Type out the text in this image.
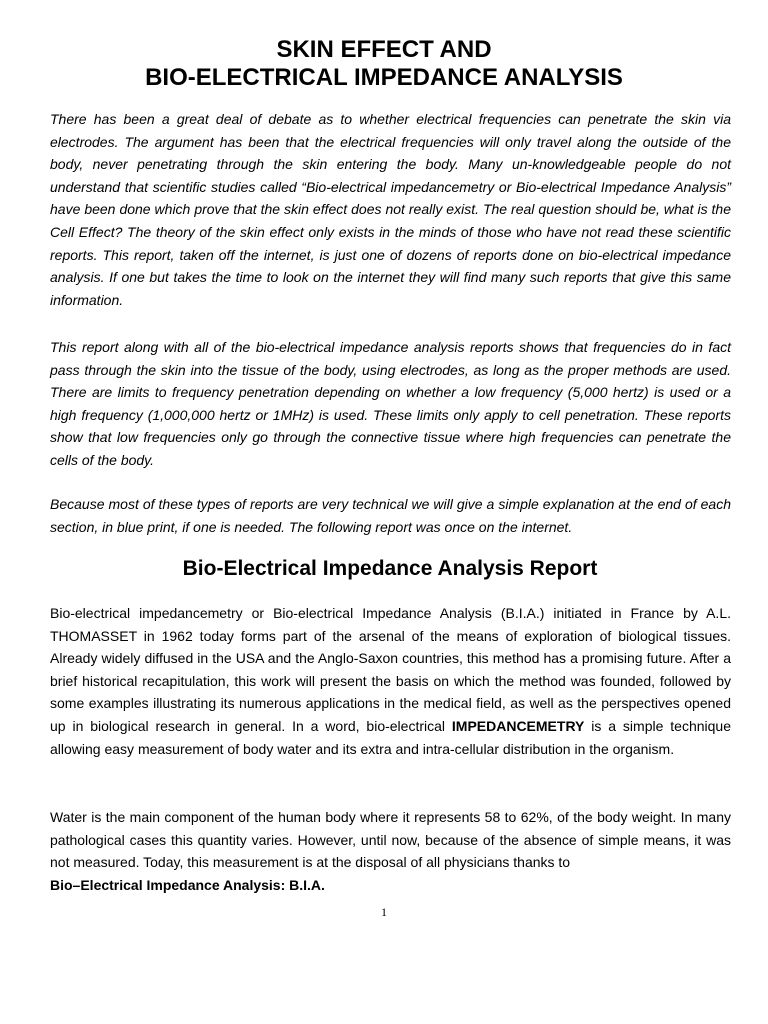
SKIN EFFECT AND
BIO-ELECTRICAL IMPEDANCE ANALYSIS

There has been a great deal of debate as to whether electrical frequencies can penetrate the skin via electrodes. The argument has been that the electrical frequencies will only travel along the outside of the body, never penetrating through the skin entering the body. Many un-knowledgeable people do not understand that scientific studies called “Bio-electrical impedancemetry or Bio-electrical Impedance Analysis” have been done which prove that the skin effect does not really exist. The real question should be, what is the Cell Effect? The theory of the skin effect only exists in the minds of those who have not read these scientific reports. This report, taken off the internet, is just one of dozens of reports done on bio-electrical impedance analysis. If one but takes the time to look on the internet they will find many such reports that give this same information.

This report along with all of the bio-electrical impedance analysis reports shows that frequencies do in fact pass through the skin into the tissue of the body, using electrodes, as long as the proper methods are used. There are limits to frequency penetration depending on whether a low frequency (5,000 hertz) is used or a high frequency (1,000,000 hertz or 1MHz) is used. These limits only apply to cell penetration. These reports show that low frequencies only go through the connective tissue where high frequencies can penetrate the cells of the body.

Because most of these types of reports are very technical we will give a simple explanation at the end of each section, in blue print, if one is needed. The following report was once on the internet.

Bio-Electrical Impedance Analysis Report

Bio-electrical impedancemetry or Bio-electrical Impedance Analysis (B.I.A.) initiated in France by A.L. THOMASSET in 1962 today forms part of the arsenal of the means of exploration of biological tissues. Already widely diffused in the USA and the Anglo-Saxon countries, this method has a promising future. After a brief historical recapitulation, this work will present the basis on which the method was founded, followed by some examples illustrating its numerous applications in the medical field, as well as the perspectives opened up in biological research in general. In a word, bio-electrical IMPEDANCEMETRY is a simple technique allowing easy measurement of body water and its extra and intra-cellular distribution in the organism.

Water is the main component of the human body where it represents 58 to 62%, of the body weight. In many pathological cases this quantity varies. However, until now, because of the absence of simple means, it was not measured. Today, this measurement is at the disposal of all physicians thanks to
Bio–Electrical Impedance Analysis: B.I.A.

1
